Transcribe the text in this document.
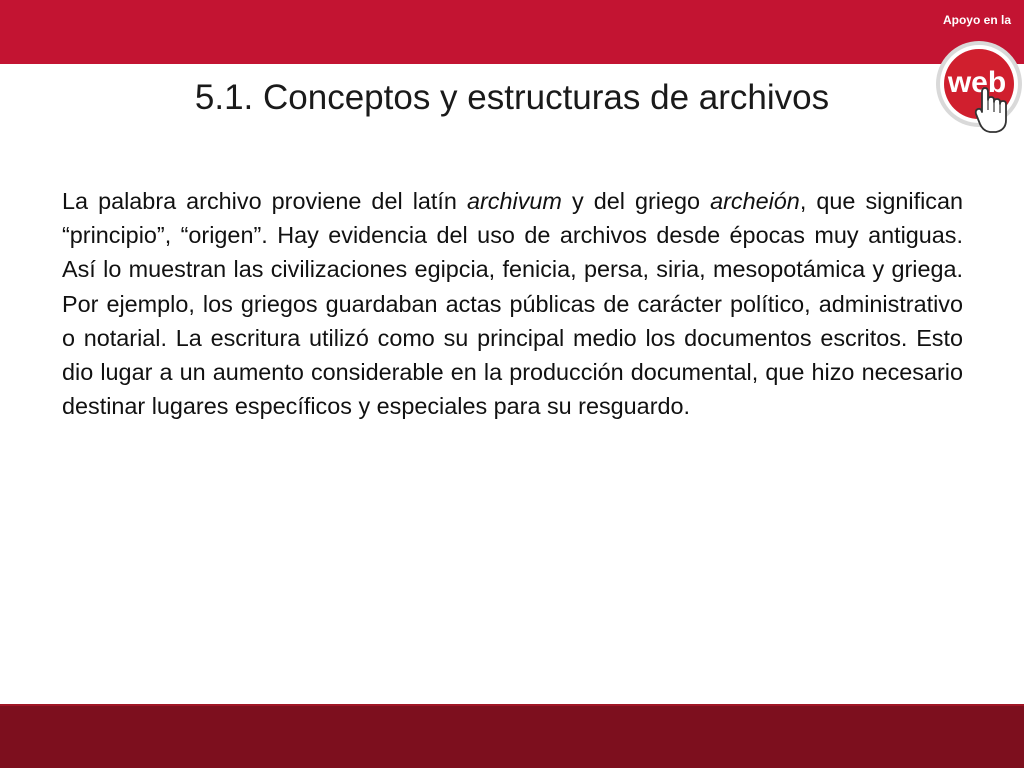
web
Apoyo en la
5.1. Conceptos y estructuras de archivos

La palabra archivo proviene del latín archivum y del griego archeión, que significan “principio”, “origen”. Hay evidencia del uso de archivos desde épocas muy antiguas. Así lo muestran las civilizaciones egipcia, fenicia, persa, siria, mesopotámica y griega. Por ejemplo, los griegos guardaban actas públicas de carácter político, administrativo o notarial. La escritura utilizó como su principal medio los documentos escritos. Esto dio lugar a un aumento considerable en la producción documental, que hizo necesario destinar lugares específicos y especiales para su resguardo.
